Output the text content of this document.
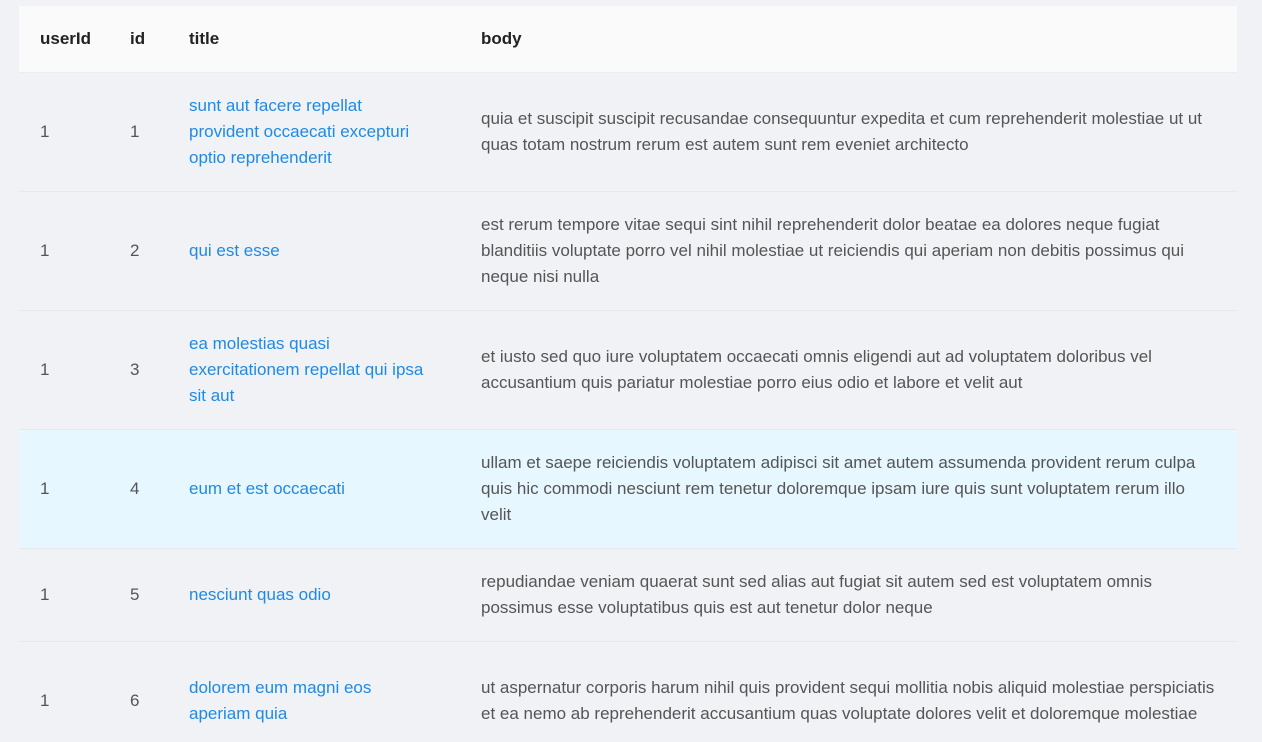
userId	id	title	body
1	1	sunt aut facere repellat provident occaecati excepturi optio reprehenderit	quia et suscipit suscipit recusandae consequuntur expedita et cum reprehenderit molestiae ut ut quas totam nostrum rerum est autem sunt rem eveniet architecto
1	2	qui est esse	est rerum tempore vitae sequi sint nihil reprehenderit dolor beatae ea dolores neque fugiat blanditiis voluptate porro vel nihil molestiae ut reiciendis qui aperiam non debitis possimus qui neque nisi nulla
1	3	ea molestias quasi exercitationem repellat qui ipsa sit aut	et iusto sed quo iure voluptatem occaecati omnis eligendi aut ad voluptatem doloribus vel accusantium quis pariatur molestiae porro eius odio et labore et velit aut
1	4	eum et est occaecati	ullam et saepe reiciendis voluptatem adipisci sit amet autem assumenda provident rerum culpa quis hic commodi nesciunt rem tenetur doloremque ipsam iure quis sunt voluptatem rerum illo velit
1	5	nesciunt quas odio	repudiandae veniam quaerat sunt sed alias aut fugiat sit autem sed est voluptatem omnis possimus esse voluptatibus quis est aut tenetur dolor neque
1	6	dolorem eum magni eos aperiam quia	ut aspernatur corporis harum nihil quis provident sequi mollitia nobis aliquid molestiae perspiciatis et ea nemo ab reprehenderit accusantium quas voluptate dolores velit et doloremque molestiae
